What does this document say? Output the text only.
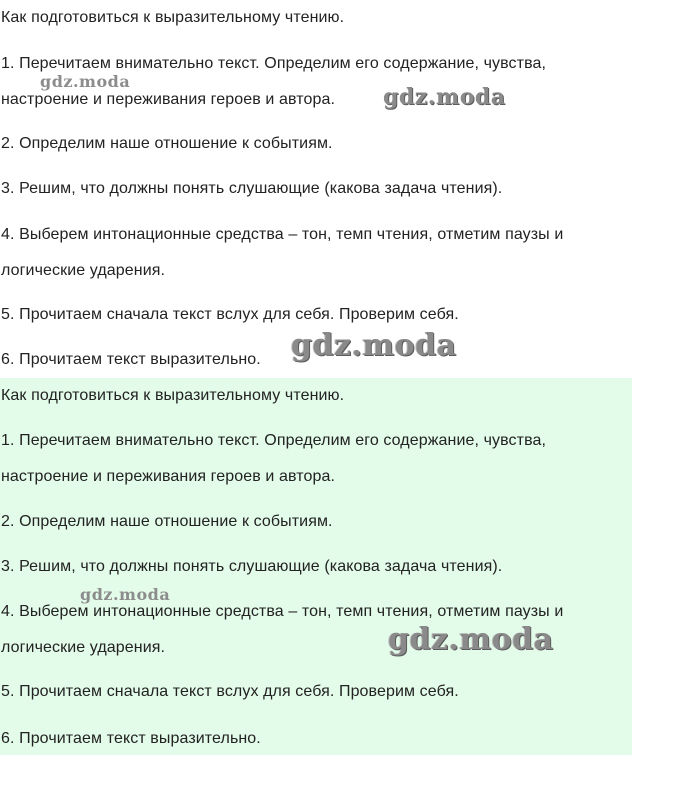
Как подготовиться к выразительному чтению.
1. Перечитаем внимательно текст. Определим его содержание, чувства,
настроение и переживания героев и автора.
2. Определим наше отношение к событиям.
3. Решим, что должны понять слушающие (какова задача чтения).
4. Выберем интонационные средства – тон, темп чтения, отметим паузы и
логические ударения.
5. Прочитаем сначала текст вслух для себя. Проверим себя.
6. Прочитаем текст выразительно.
Как подготовиться к выразительному чтению.
1. Перечитаем внимательно текст. Определим его содержание, чувства,
настроение и переживания героев и автора.
2. Определим наше отношение к событиям.
3. Решим, что должны понять слушающие (какова задача чтения).
4. Выберем интонационные средства – тон, темп чтения, отметим паузы и
логические ударения.
5. Прочитаем сначала текст вслух для себя. Проверим себя.
6. Прочитаем текст выразительно.
gdz.moda
gdz.moda
gdz.moda
gdz.moda
gdz.moda
